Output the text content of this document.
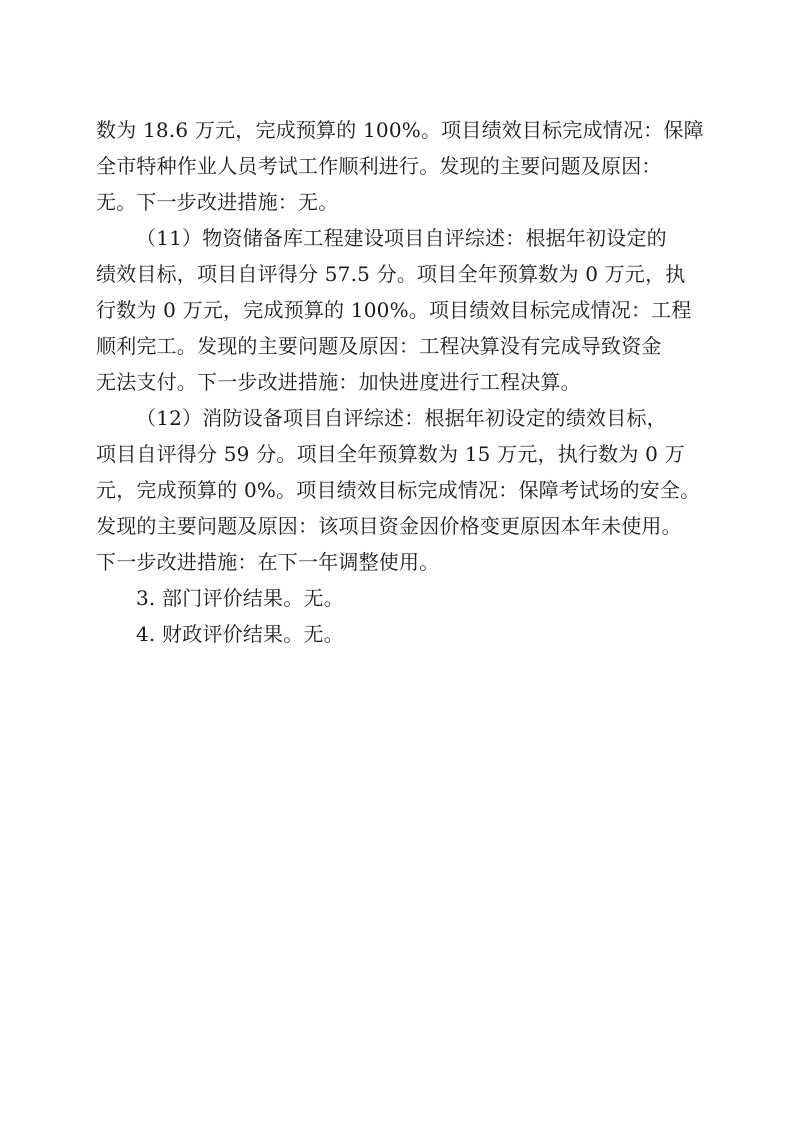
数为 18.6 万元，完成预算的 100%。项目绩效目标完成情况：保障
全市特种作业人员考试工作顺利进行。发现的主要问题及原因：
无。下一步改进措施：无。
（11）物资储备库工程建设项目自评综述：根据年初设定的
绩效目标，项目自评得分 57.5 分。项目全年预算数为 0 万元，执
行数为 0 万元，完成预算的 100%。项目绩效目标完成情况：工程
顺利完工。发现的主要问题及原因：工程决算没有完成导致资金
无法支付。下一步改进措施：加快进度进行工程决算。
（12）消防设备项目自评综述：根据年初设定的绩效目标，
项目自评得分 59 分。项目全年预算数为 15 万元，执行数为 0 万
元，完成预算的 0%。项目绩效目标完成情况：保障考试场的安全。
发现的主要问题及原因：该项目资金因价格变更原因本年未使用。
下一步改进措施：在下一年调整使用。
3. 部门评价结果。无。
4. 财政评价结果。无。
